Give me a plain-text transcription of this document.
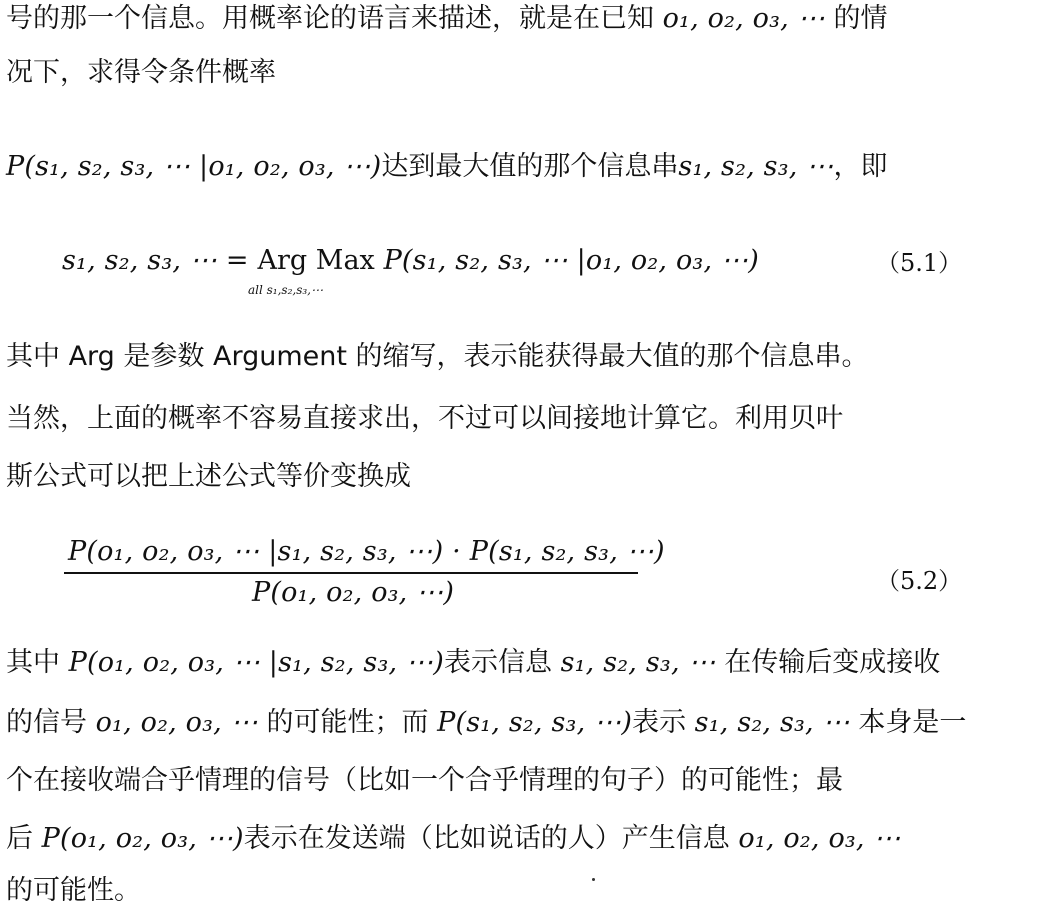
号的那一个信息。用概率论的语言来描述，就是在已知 o₁, o₂, o₃, ⋯ 的情
况下，求得令条件概率
P(s₁, s₂, s₃, ⋯ |o₁, o₂, o₃, ⋯)达到最大值的那个信息串s₁, s₂, s₃, ⋯，即
s₁, s₂, s₃, ⋯ = Arg Max P(s₁, s₂, s₃, ⋯ |o₁, o₂, o₃, ⋯)
all s₁,s₂,s₃,⋯
（5.1）
其中 Arg 是参数 Argument 的缩写，表示能获得最大值的那个信息串。
当然，上面的概率不容易直接求出，不过可以间接地计算它。利用贝叶
斯公式可以把上述公式等价变换成
P(o₁, o₂, o₃, ⋯ |s₁, s₂, s₃, ⋯) · P(s₁, s₂, s₃, ⋯)
P(o₁, o₂, o₃, ⋯)	（5.2）
其中 P(o₁, o₂, o₃, ⋯ |s₁, s₂, s₃, ⋯)表示信息 s₁, s₂, s₃, ⋯ 在传输后变成接收
的信号 o₁, o₂, o₃, ⋯ 的可能性；而 P(s₁, s₂, s₃, ⋯)表示 s₁, s₂, s₃, ⋯ 本身是一
个在接收端合乎情理的信号（比如一个合乎情理的句子）的可能性；最
后 P(o₁, o₂, o₃, ⋯)表示在发送端（比如说话的人）产生信息 o₁, o₂, o₃, ⋯
的可能性。
